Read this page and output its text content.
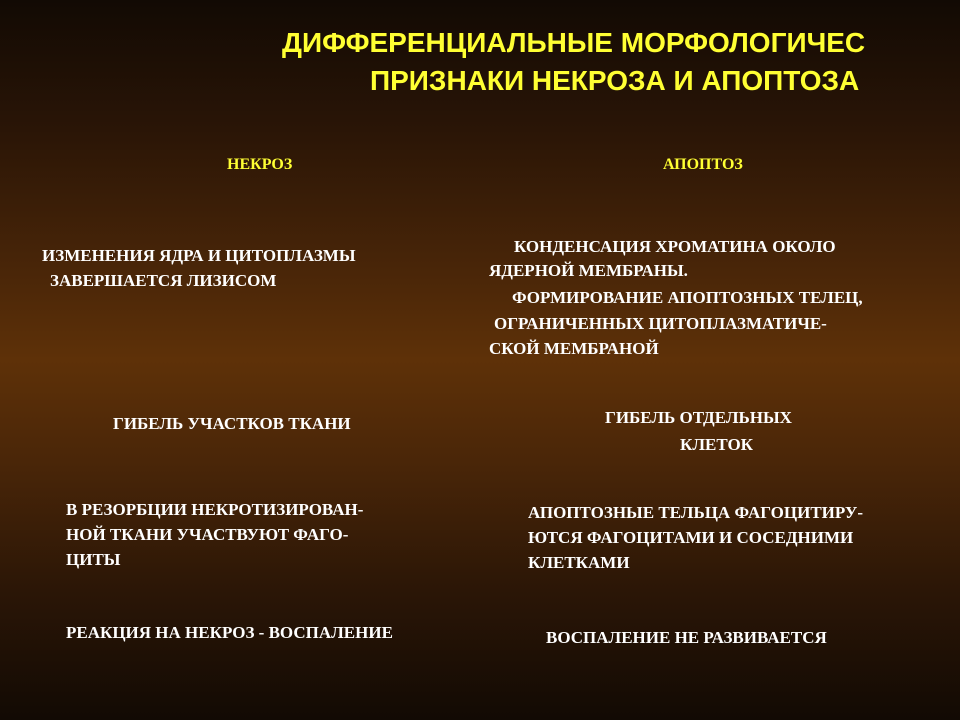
ДИФФЕРЕНЦИАЛЬНЫЕ МОРФОЛОГИЧЕС
ПРИЗНАКИ НЕКРОЗА И АПОПТОЗА
НЕКРОЗ	АПОПТОЗ
ИЗМЕНЕНИЯ ЯДРА И ЦИТОПЛАЗМЫ
ЗАВЕРШАЕТСЯ ЛИЗИСОМ
ГИБЕЛЬ УЧАСТКОВ ТКАНИ
В РЕЗОРБЦИИ НЕКРОТИЗИРОВАН-
НОЙ ТКАНИ УЧАСТВУЮТ ФАГО-
ЦИТЫ
РЕАКЦИЯ НА НЕКРОЗ - ВОСПАЛЕНИЕ
КОНДЕНСАЦИЯ ХРОМАТИНА ОКОЛО
ЯДЕРНОЙ МЕМБРАНЫ.
ФОРМИРОВАНИЕ АПОПТОЗНЫХ ТЕЛЕЦ,
ОГРАНИЧЕННЫХ ЦИТОПЛАЗМАТИЧЕ-
СКОЙ МЕМБРАНОЙ
ГИБЕЛЬ ОТДЕЛЬНЫХ
КЛЕТОК
АПОПТОЗНЫЕ ТЕЛЬЦА ФАГОЦИТИРУ-
ЮТСЯ ФАГОЦИТАМИ И СОСЕДНИМИ
КЛЕТКАМИ
ВОСПАЛЕНИЕ НЕ РАЗВИВАЕТСЯ
